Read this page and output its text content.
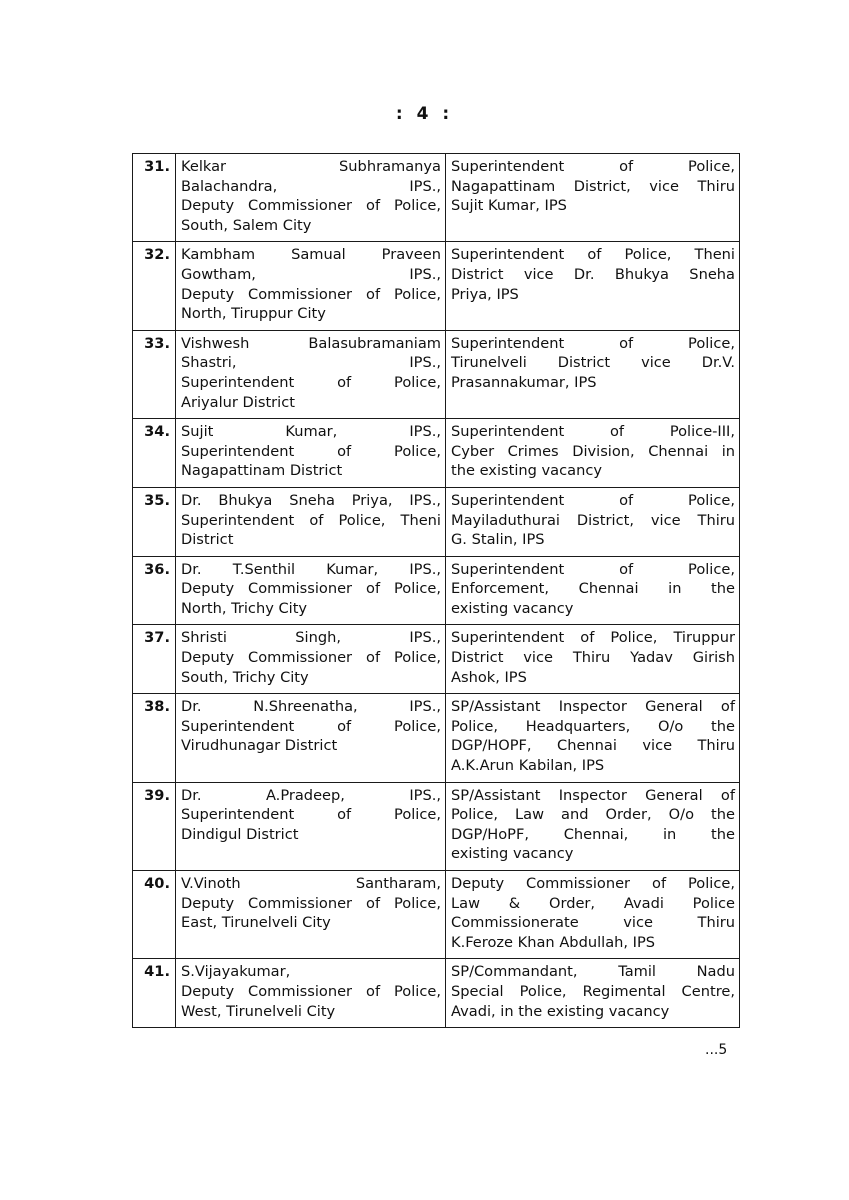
: 4 :
31.	Kelkar Subhramanya
Balachandra, IPS.,
Deputy Commissioner of Police,
South, Salem City	Superintendent of Police,
Nagapattinam District, vice Thiru
Sujit Kumar, IPS

32.	Kambham Samual Praveen
Gowtham, IPS.,
Deputy Commissioner of Police,
North, Tiruppur City	Superintendent of Police, Theni
District vice Dr. Bhukya Sneha
Priya, IPS

33.	Vishwesh Balasubramaniam
Shastri, IPS.,
Superintendent of Police,
Ariyalur District	Superintendent of Police,
Tirunelveli District vice Dr.V.
Prasannakumar, IPS

34.	Sujit Kumar, IPS.,
Superintendent of Police,
Nagapattinam District	Superintendent of Police-III,
Cyber Crimes Division, Chennai in
the existing vacancy

35.	Dr. Bhukya Sneha Priya, IPS.,
Superintendent of Police, Theni
District	Superintendent of Police,
Mayiladuthurai District, vice Thiru
G. Stalin, IPS

36.	Dr. T.Senthil Kumar, IPS.,
Deputy Commissioner of Police,
North, Trichy City	Superintendent of Police,
Enforcement, Chennai in the
existing vacancy

37.	Shristi Singh, IPS.,
Deputy Commissioner of Police,
South, Trichy City	Superintendent of Police, Tiruppur
District vice Thiru Yadav Girish
Ashok, IPS

38.	Dr. N.Shreenatha, IPS.,
Superintendent of Police,
Virudhunagar District	SP/Assistant Inspector General of
Police, Headquarters, O/o the
DGP/HOPF, Chennai vice Thiru
A.K.Arun Kabilan, IPS

39.	Dr. A.Pradeep, IPS.,
Superintendent of Police,
Dindigul District	SP/Assistant Inspector General of
Police, Law and Order, O/o the
DGP/HoPF, Chennai, in the
existing vacancy

40.	V.Vinoth Santharam,
Deputy Commissioner of Police,
East, Tirunelveli City	Deputy Commissioner of Police,
Law & Order, Avadi Police
Commissionerate vice Thiru
K.Feroze Khan Abdullah, IPS

41.	S.Vijayakumar,
Deputy Commissioner of Police,
West, Tirunelveli City	SP/Commandant, Tamil Nadu
Special Police, Regimental Centre,
Avadi, in the existing vacancy
...5
